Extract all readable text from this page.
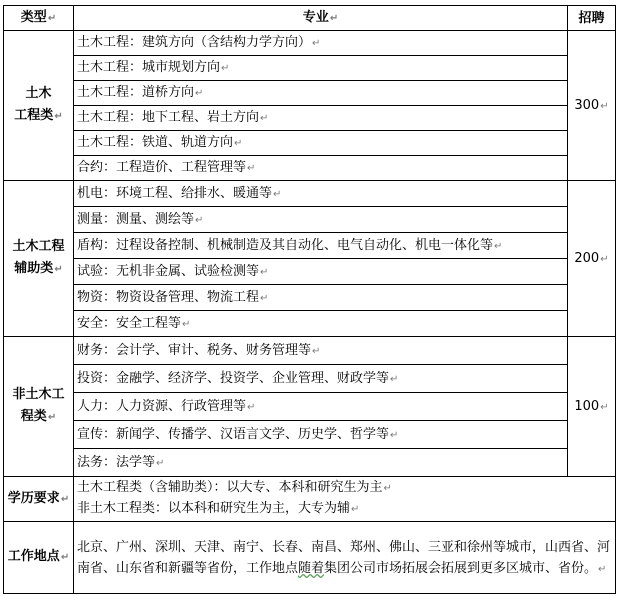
类型↵	专业↵	招聘
土木
工程类↵	土木工程：建筑方向（含结构力学方向）↵	300↵
	土木工程：城市规划方向↵	
	土木工程：道桥方向↵	
	土木工程：地下工程、岩土方向↵	
	土木工程：铁道、轨道方向↵	
	合约：工程造价、工程管理等↵	
土木工程
辅助类↵	机电：环境工程、给排水、暖通等↵	200↵
	测量：测量、测绘等↵	
	盾构：过程设备控制、机械制造及其自动化、电气自动化、机电一体化等↵	
	试验：无机非金属、试验检测等↵	
	物资：物资设备管理、物流工程↵	
	安全：安全工程等↵	
非土木工
程类↵	财务：会计学、审计、税务、财务管理等↵	100↵
	投资：金融学、经济学、投资学、企业管理、财政学等↵	
	人力：人力资源、行政管理等↵	
	宣传：新闻学、传播学、汉语言文学、历史学、哲学等↵	
	法务：法学等↵	
学历要求↵	土木工程类（含辅助类）：以大专、本科和研究生为主↵
非土木工程类：以本科和研究生为主，大专为辅↵	
工作地点↵	北京、广州、深圳、天津、南宁、长春、南昌、郑州、佛山、三亚和徐州等城市，山西省、河南省、山东省和新疆等省份，工作地点随着集团公司市场拓展会拓展到更多区城市、省份。↵	
